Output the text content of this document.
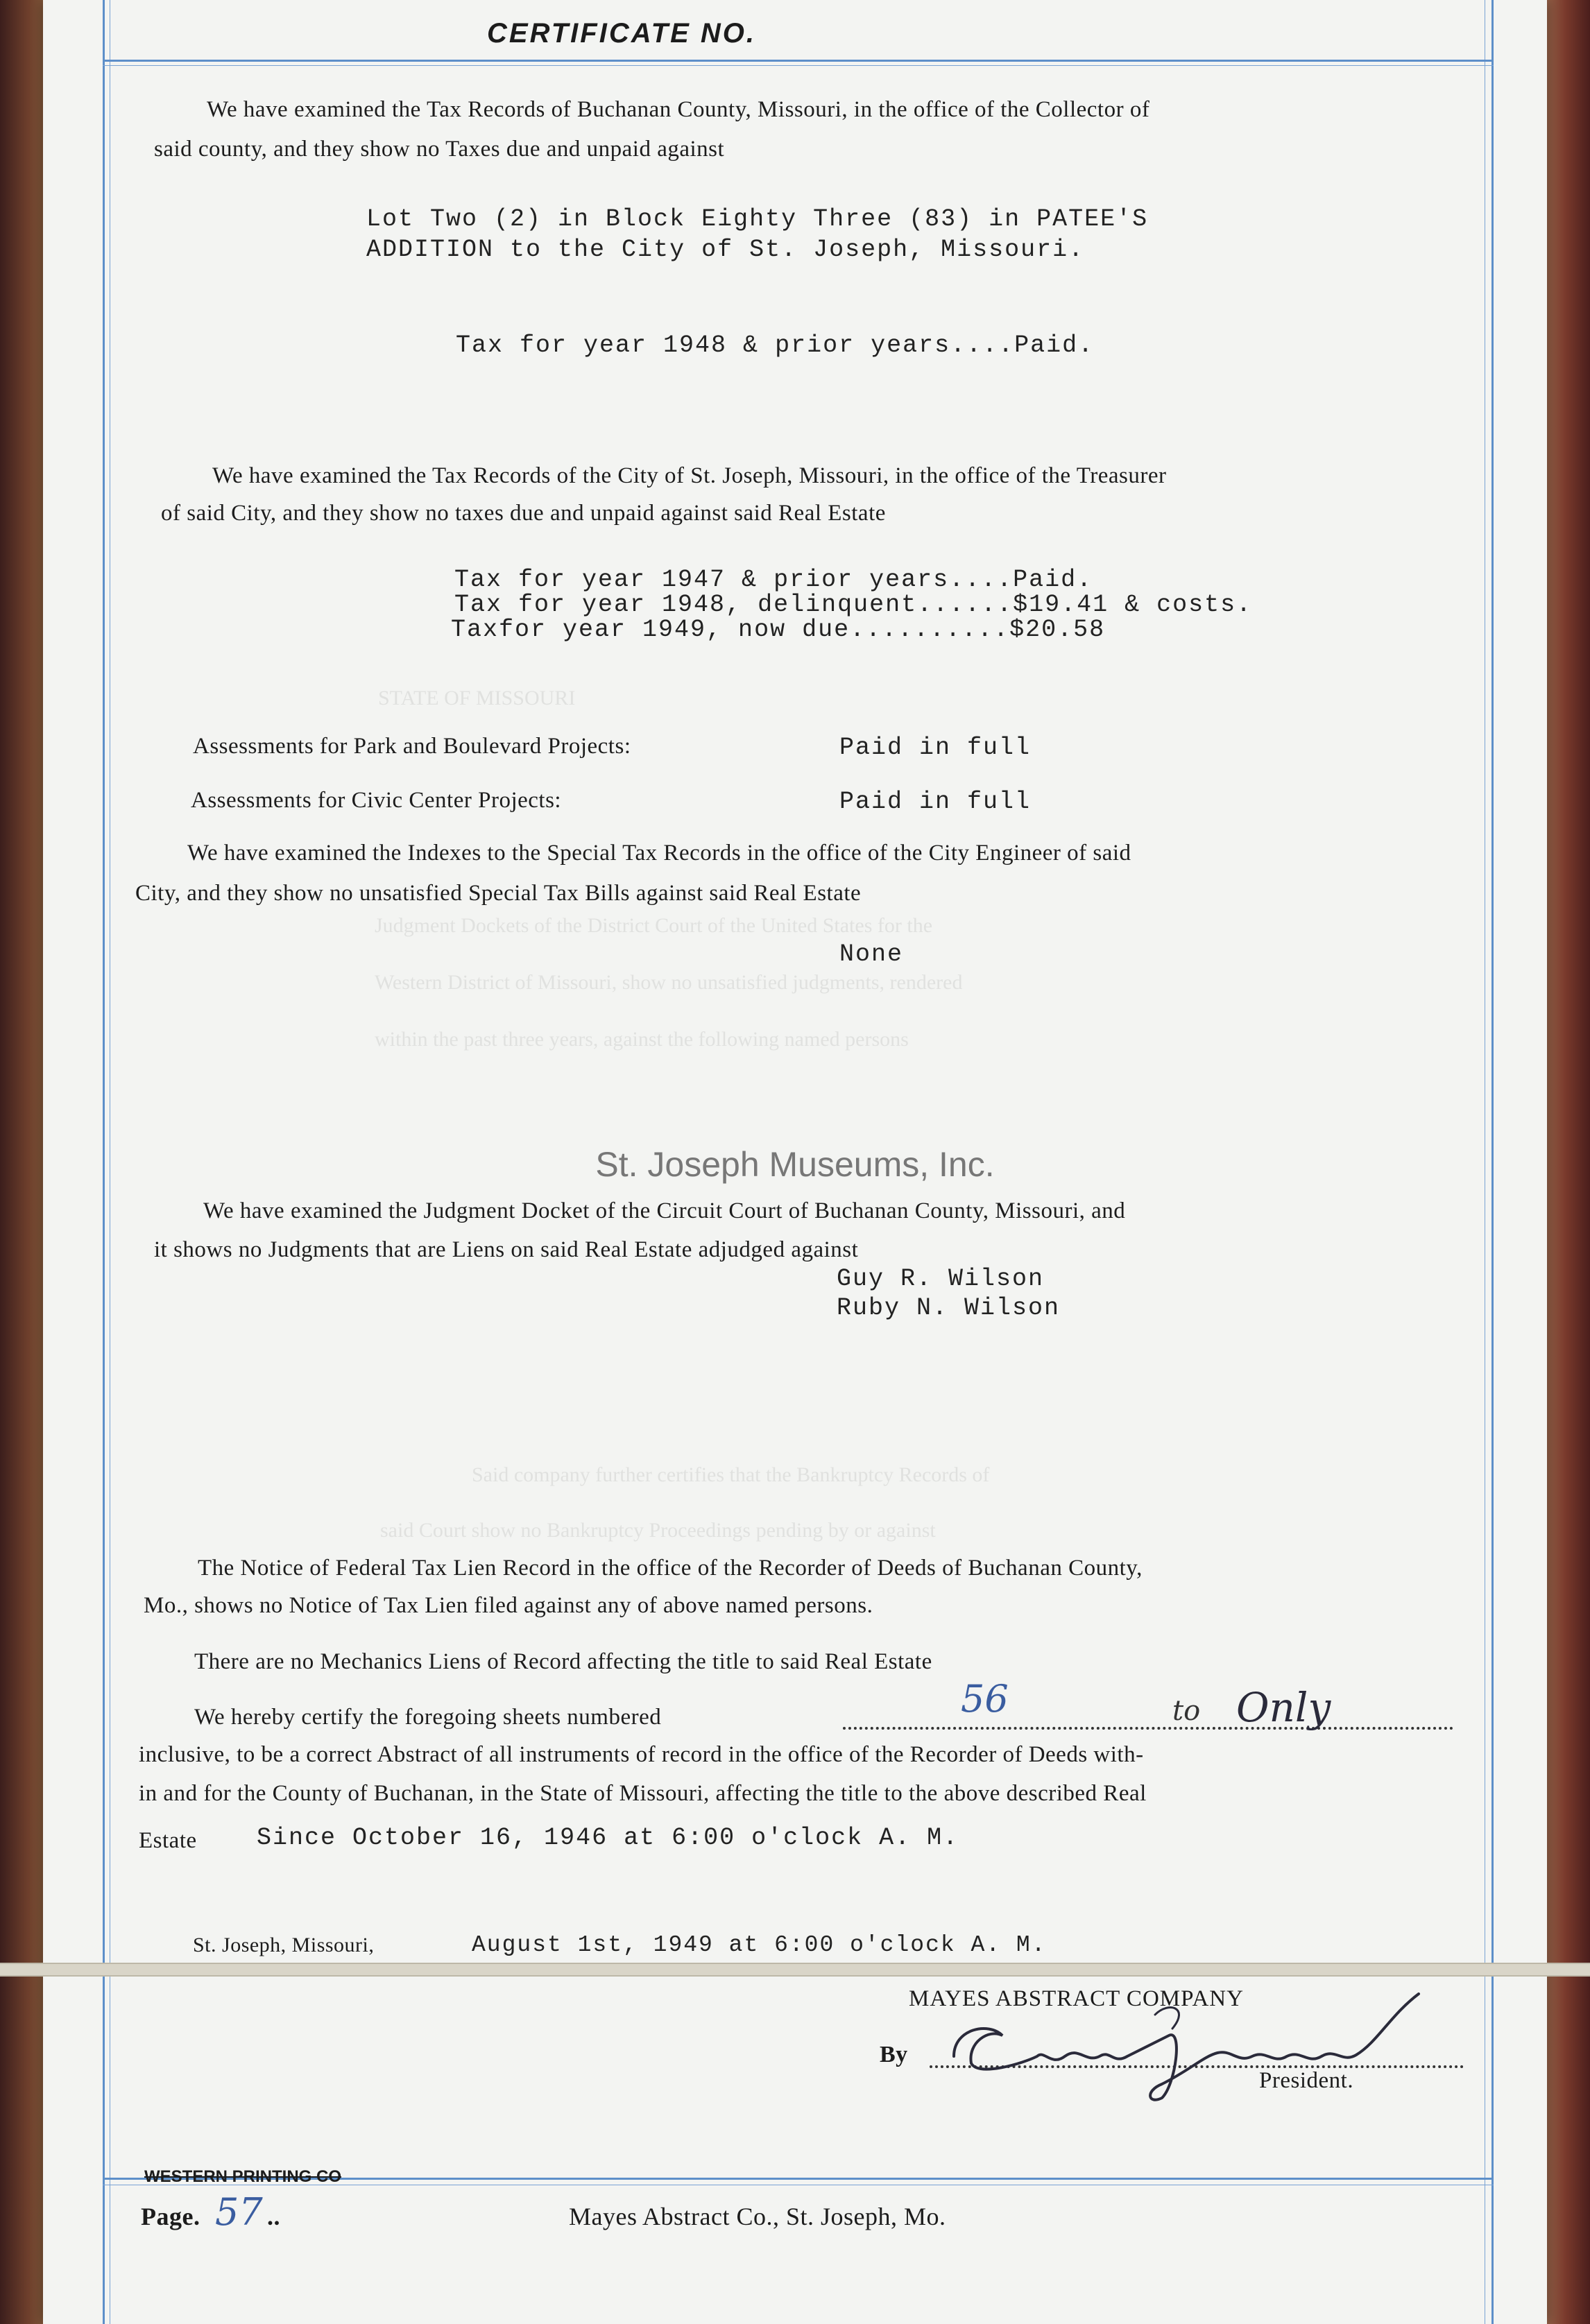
STATE OF MISSOURI
Judgment Dockets of the District Court of the United States for the
Western District of Missouri, show no unsatisfied judgments, rendered
within the past three years, against the following named persons
Said company further certifies that the Bankruptcy Records of
said Court show no Bankruptcy Proceedings pending by or against
CERTIFICATE NO.
We have examined the Tax Records of Buchanan County, Missouri, in the office of the Collector of
said county, and they show no Taxes due and unpaid against
Lot Two (2) in Block Eighty Three (83) in PATEE'S
ADDITION to the City of St. Joseph, Missouri.
Tax for year 1948 & prior years....Paid.
We have examined the Tax Records of the City of St. Joseph, Missouri, in the office of the Treasurer
of said City, and they show no taxes due and unpaid against said Real Estate
Tax for year 1947 & prior years....Paid.
Tax for year 1948, delinquent......$19.41 & costs.
Taxfor year 1949, now due..........$20.58
Assessments for Park and Boulevard Projects:	Paid in full
Assessments for Civic Center Projects:	Paid in full
We have examined the Indexes to the Special Tax Records in the office of the City Engineer of said
City, and they show no unsatisfied Special Tax Bills against said Real Estate
None
St. Joseph Museums, Inc.
We have examined the Judgment Docket of the Circuit Court of Buchanan County, Missouri, and
it shows no Judgments that are Liens on said Real Estate adjudged against
Guy R. Wilson
Ruby N. Wilson
The Notice of Federal Tax Lien Record in the office of the Recorder of Deeds of Buchanan County,
Mo., shows no Notice of Tax Lien filed against any of above named persons.
There are no Mechanics Liens of Record affecting the title to said Real Estate
We hereby certify the foregoing sheets numbered	56	to Only
inclusive, to be a correct Abstract of all instruments of record in the office of the Recorder of Deeds with-
in and for the County of Buchanan, in the State of Missouri, affecting the title to the above described Real
Estate Since October 16, 1946 at 6:00 o'clock A. M.
St. Joseph, Missouri,	August 1st, 1949 at 6:00 o'clock A. M.
MAYES ABSTRACT COMPANY
By
President.
WESTERN PRINTING CO
Page. 57 ..	Mayes Abstract Co., St. Joseph, Mo.
